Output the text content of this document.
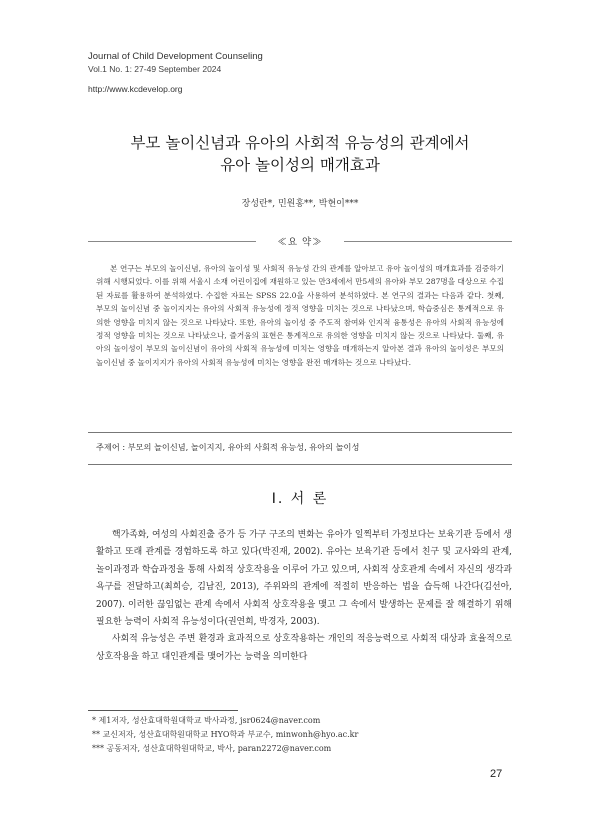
Journal of Child Development Counseling
Vol.1 No. 1: 27-49 September 2024
http://www.kcdevelop.org
부모 놀이신념과 유아의 사회적 유능성의 관계에서
유아 놀이성의 매개효과
장성란*, 민원홍**, 박현이***
≪요 약≫

본 연구는 부모의 놀이신념, 유아의 놀이성 및 사회적 유능성 간의 관계를 알아보고 유아 놀이성의 매개효과를 검증하기 위해 시행되었다. 이를 위해 서울시 소재 어린이집에 재원하고 있는 만3세에서 만5세의 유아와 부모 287명을 대상으로 수집된 자료를 활용하여 분석하였다. 수집한 자료는 SPSS 22.0을 사용하여 분석하였다. 본 연구의 결과는 다음과 같다. 첫째, 부모의 놀이신념 중 놀이지지는 유아의 사회적 유능성에 정적 영향을 미치는 것으로 나타났으며, 학습중심은 통계적으로 유의한 영향을 미치지 않는 것으로 나타났다. 또한, 유아의 놀이성 중 주도적 참여와 인지적 융통성은 유아의 사회적 유능성에 정적 영향을 미치는 것으로 나타났으나, 즐거움의 표현은 통계적으로 유의한 영향을 미치지 않는 것으로 나타났다. 둘째, 유아의 놀이성이 부모의 놀이신념이 유아의 사회적 유능성에 미치는 영향을 매개하는지 알아본 결과 유아의 놀이성은 부모의 놀이신념 중 놀이지지가 유아의 사회적 유능성에 미치는 영향을 완전 매개하는 것으로 나타났다.

주제어 : 부모의 놀이신념, 놀이지지, 유아의 사회적 유능성, 유아의 놀이성
Ⅰ. 서 론

핵가족화, 여성의 사회진출 증가 등 가구 구조의 변화는 유아가 일찍부터 가정보다는 보육기관 등에서 생활하고 또래 관계를 경험하도록 하고 있다(박진재, 2002). 유아는 보육기관 등에서 친구 및 교사와의 관계, 놀이과정과 학습과정을 통해 사회적 상호작용을 이루어 가고 있으며, 사회적 상호관계 속에서 자신의 생각과 욕구를 전달하고(최희승, 김남진, 2013), 주위와의 관계에 적절히 반응하는 법을 습득해 나간다(김선아, 2007). 이러한 끊임없는 관계 속에서 사회적 상호작용을 맺고 그 속에서 발생하는 문제를 잘 해결하기 위해 필요한 능력이 사회적 유능성이다(권연희, 박경자, 2003).

사회적 유능성은 주변 환경과 효과적으로 상호작용하는 개인의 적응능력으로 사회적 대상과 효율적으로 상호작용을 하고 대인관계를 맺어가는 능력을 의미한다

* 제1저자, 성산효대학원대학교 박사과정, jsr0624@naver.com
** 교신저자, 성산효대학원대학교 HYO학과 부교수, minwonh@hyo.ac.kr
*** 공동저자, 성산효대학원대학교, 박사, paran2272@naver.com
27
